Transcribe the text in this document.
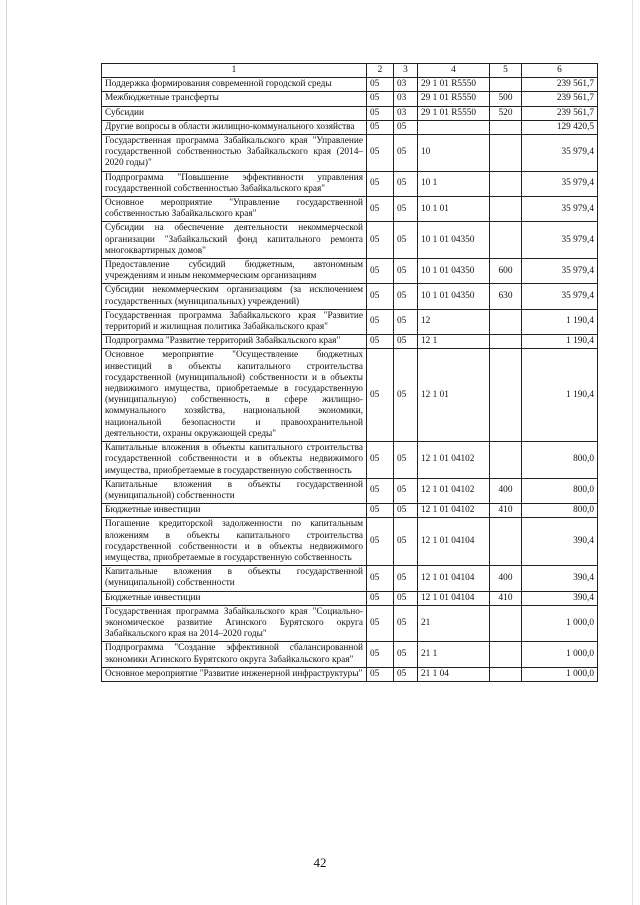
1	2	3	4	5	6
Поддержка формирования современной городской среды	05	03	29 1 01 R5550		239 561,7
Межбюджетные трансферты	05	03	29 1 01 R5550	500	239 561,7
Субсидии	05	03	29 1 01 R5550	520	239 561,7
Другие вопросы в области жилищно-коммунального хозяйства	05	05			129 420,5
Государственная программа Забайкальского края "Управление государственной собственностью Забайкальского края (2014–2020 годы)"	05	05	10		35 979,4
Подпрограмма "Повышение эффективности управления государственной собственностью Забайкальского края"	05	05	10 1		35 979,4
Основное мероприятие "Управление государственной собственностью Забайкальского края"	05	05	10 1 01		35 979,4
Субсидии на обеспечение деятельности некоммерческой организации "Забайкальский фонд капитального ремонта многоквартирных домов"	05	05	10 1 01 04350		35 979,4
Предоставление субсидий бюджетным, автономным учреждениям и иным некоммерческим организациям	05	05	10 1 01 04350	600	35 979,4
Субсидии некоммерческим организациям (за исключением государственных (муниципальных) учреждений)	05	05	10 1 01 04350	630	35 979,4
Государственная программа Забайкальского края "Развитие территорий и жилищная политика Забайкальского края"	05	05	12		1 190,4
Подпрограмма "Развитие территорий Забайкальского края"	05	05	12 1		1 190,4
Основное мероприятие "Осуществление бюджетных инвестиций в объекты капитального строительства государственной (муниципальной) собственности и в объекты недвижимого имущества, приобретаемые в государственную (муниципальную) собственность, в сфере жилищно-коммунального хозяйства, национальной экономики, национальной безопасности и правоохранительной деятельности, охраны окружающей среды"	05	05	12 1 01		1 190,4
Капитальные вложения в объекты капитального строительства государственной собственности и в объекты недвижимого имущества, приобретаемые в государственную собственность	05	05	12 1 01 04102		800,0
Капитальные вложения в объекты государственной (муниципальной) собственности	05	05	12 1 01 04102	400	800,0
Бюджетные инвестиции	05	05	12 1 01 04102	410	800,0
Погашение кредиторской задолженности по капитальным вложениям в объекты капитального строительства государственной собственности и в объекты недвижимого имущества, приобретаемые в государственную собственность	05	05	12 1 01 04104		390,4
Капитальные вложения в объекты государственной (муниципальной) собственности	05	05	12 1 01 04104	400	390,4
Бюджетные инвестиции	05	05	12 1 01 04104	410	390,4
Государственная программа Забайкальского края "Социально-экономическое развитие Агинского Бурятского округа Забайкальского края на 2014–2020 годы"	05	05	21		1 000,0
Подпрограмма "Создание эффективной сбалансированной экономики Агинского Бурятского округа Забайкальского края"	05	05	21 1		1 000,0
Основное мероприятие "Развитие инженерной инфраструктуры"	05	05	21 1 04		1 000,0
42
